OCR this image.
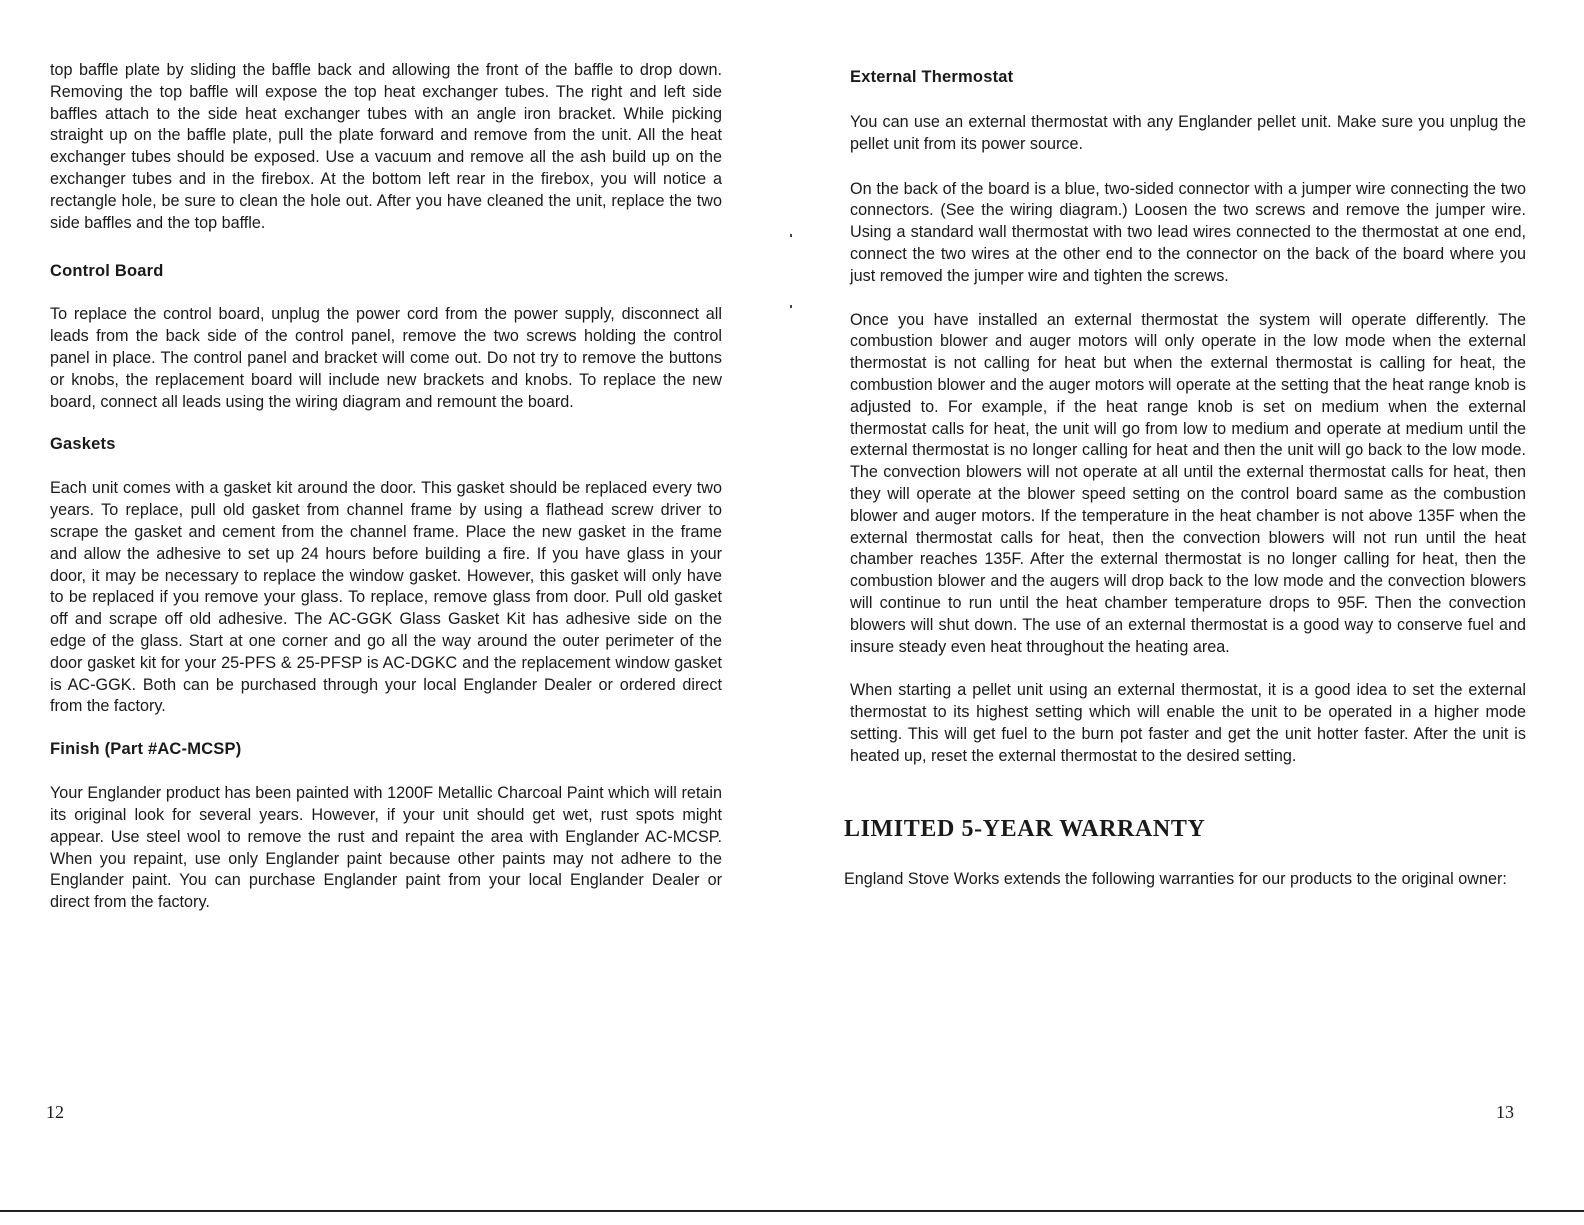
top baffle plate by sliding the baffle back and allowing the front of the baffle to drop down. Removing the top baffle will expose the top heat exchanger tubes. The right and left side baffles attach to the side heat exchanger tubes with an angle iron bracket. While picking straight up on the baffle plate, pull the plate forward and remove from the unit. All the heat exchanger tubes should be exposed. Use a vacuum and remove all the ash build up on the exchanger tubes and in the firebox. At the bottom left rear in the firebox, you will notice a rectangle hole, be sure to clean the hole out. After you have cleaned the unit, replace the two side baffles and the top baffle.

Control Board

To replace the control board, unplug the power cord from the power supply, disconnect all leads from the back side of the control panel, remove the two screws holding the control panel in place. The control panel and bracket will come out. Do not try to remove the buttons or knobs, the replacement board will include new brackets and knobs. To replace the new board, connect all leads using the wiring diagram and remount the board.

Gaskets

Each unit comes with a gasket kit around the door. This gasket should be replaced every two years. To replace, pull old gasket from channel frame by using a flathead screw driver to scrape the gasket and cement from the channel frame. Place the new gasket in the frame and allow the adhesive to set up 24 hours before building a fire. If you have glass in your door, it may be necessary to replace the window gasket. However, this gasket will only have to be replaced if you remove your glass. To replace, remove glass from door. Pull old gasket off and scrape off old adhesive. The AC-GGK Glass Gasket Kit has adhesive side on the edge of the glass. Start at one corner and go all the way around the outer perimeter of the door gasket kit for your 25-PFS & 25-PFSP is AC-DGKC and the replacement window gasket is AC-GGK. Both can be purchased through your local Englander Dealer or ordered direct from the factory.

Finish (Part #AC-MCSP)

Your Englander product has been painted with 1200F Metallic Charcoal Paint which will retain its original look for several years. However, if your unit should get wet, rust spots might appear. Use steel wool to remove the rust and repaint the area with Englander AC-MCSP. When you repaint, use only Englander paint because other paints may not adhere to the Englander paint. You can purchase Englander paint from your local Englander Dealer or direct from the factory.

12
External Thermostat

You can use an external thermostat with any Englander pellet unit. Make sure you unplug the pellet unit from its power source.

On the back of the board is a blue, two-sided connector with a jumper wire connecting the two connectors. (See the wiring diagram.) Loosen the two screws and remove the jumper wire. Using a standard wall thermostat with two lead wires connected to the thermostat at one end, connect the two wires at the other end to the connector on the back of the board where you just removed the jumper wire and tighten the screws.

Once you have installed an external thermostat the system will operate differently. The combustion blower and auger motors will only operate in the low mode when the external thermostat is not calling for heat but when the external thermostat is calling for heat, the combustion blower and the auger motors will operate at the setting that the heat range knob is adjusted to. For example, if the heat range knob is set on medium when the external thermostat calls for heat, the unit will go from low to medium and operate at medium until the external thermostat is no longer calling for heat and then the unit will go back to the low mode. The convection blowers will not operate at all until the external thermostat calls for heat, then they will operate at the blower speed setting on the control board same as the combustion blower and auger motors. If the temperature in the heat chamber is not above 135F when the external thermostat calls for heat, then the convection blowers will not run until the heat chamber reaches 135F. After the external thermostat is no longer calling for heat, then the combustion blower and the augers will drop back to the low mode and the convection blowers will continue to run until the heat chamber temperature drops to 95F. Then the convection blowers will shut down. The use of an external thermostat is a good way to conserve fuel and insure steady even heat throughout the heating area.

When starting a pellet unit using an external thermostat, it is a good idea to set the external thermostat to its highest setting which will enable the unit to be operated in a higher mode setting. This will get fuel to the burn pot faster and get the unit hotter faster. After the unit is heated up, reset the external thermostat to the desired setting.

LIMITED 5-YEAR WARRANTY

England Stove Works extends the following warranties for our products to the original owner:

13
